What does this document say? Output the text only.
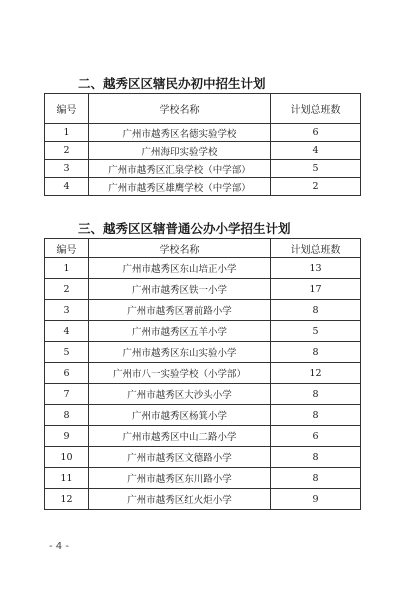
二、越秀区区辖民办初中招生计划
编号	学校名称	计划总班数
1	广州市越秀区名德实验学校	6
2	广州海印实验学校	4
3	广州市越秀区汇泉学校（中学部）	5
4	广州市越秀区雄鹰学校（中学部）	2
三、越秀区区辖普通公办小学招生计划
编号	学校名称	计划总班数
1	广州市越秀区东山培正小学	13
2	广州市越秀区铁一小学	17
3	广州市越秀区署前路小学	8
4	广州市越秀区五羊小学	5
5	广州市越秀区东山实验小学	8
6	广州市八一实验学校（小学部）	12
7	广州市越秀区大沙头小学	8
8	广州市越秀区杨箕小学	8
9	广州市越秀区中山二路小学	6
10	广州市越秀区文德路小学	8
11	广州市越秀区东川路小学	8
12	广州市越秀区红火炬小学	9
- 4 -
